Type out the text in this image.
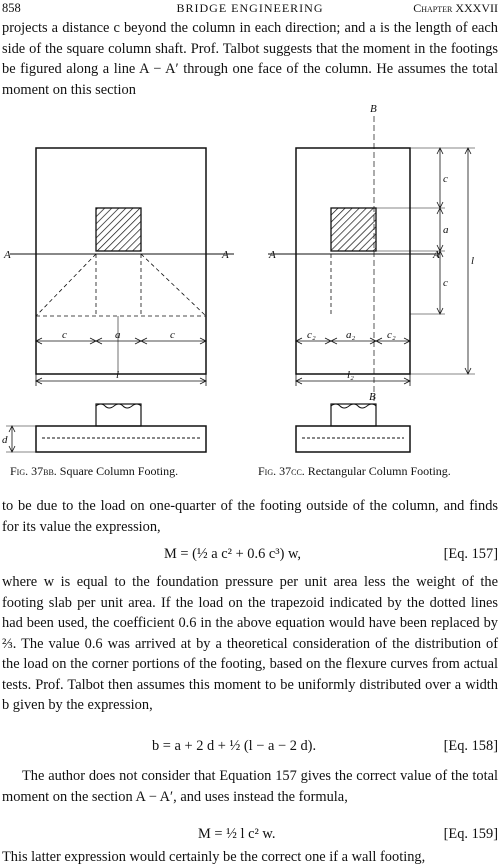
858	BRIDGE ENGINEERING	Chapter XXXVII

projects a distance c beyond the column in each direction; and a is the length of each side of the square column shaft. Prof. Talbot suggests that the moment in the footings be figured along a line A − A′ through one face of the column. He assumes the total moment on this section

A	A
c	a	c
l
d
B
A	A
c₂	a₂	c₂
l₂
B
c
a
c
l
Fig. 37bb. Square Column Footing.	Fig. 37cc. Rectangular Column Footing.

to be due to the load on one-quarter of the footing outside of the column, and finds for its value the expression,

M = (½ a c² + 0.6 c³) w,	[Eq. 157]

where w is equal to the foundation pressure per unit area less the weight of the footing slab per unit area. If the load on the trapezoid indicated by the dotted lines had been used, the coefficient 0.6 in the above equation would have been replaced by ⅔. The value 0.6 was arrived at by a theoretical consideration of the distribution of the load on the corner portions of the footing, based on the flexure curves from actual tests. Prof. Talbot then assumes this moment to be uniformly distributed over a width b given by the expression,

b = a + 2 d + ½ (l − a − 2 d).	[Eq. 158]

The author does not consider that Equation 157 gives the correct value of the total moment on the section A − A′, and uses instead the formula,

M = ½ l c² w.	[Eq. 159]

This latter expression would certainly be the correct one if a wall footing,
